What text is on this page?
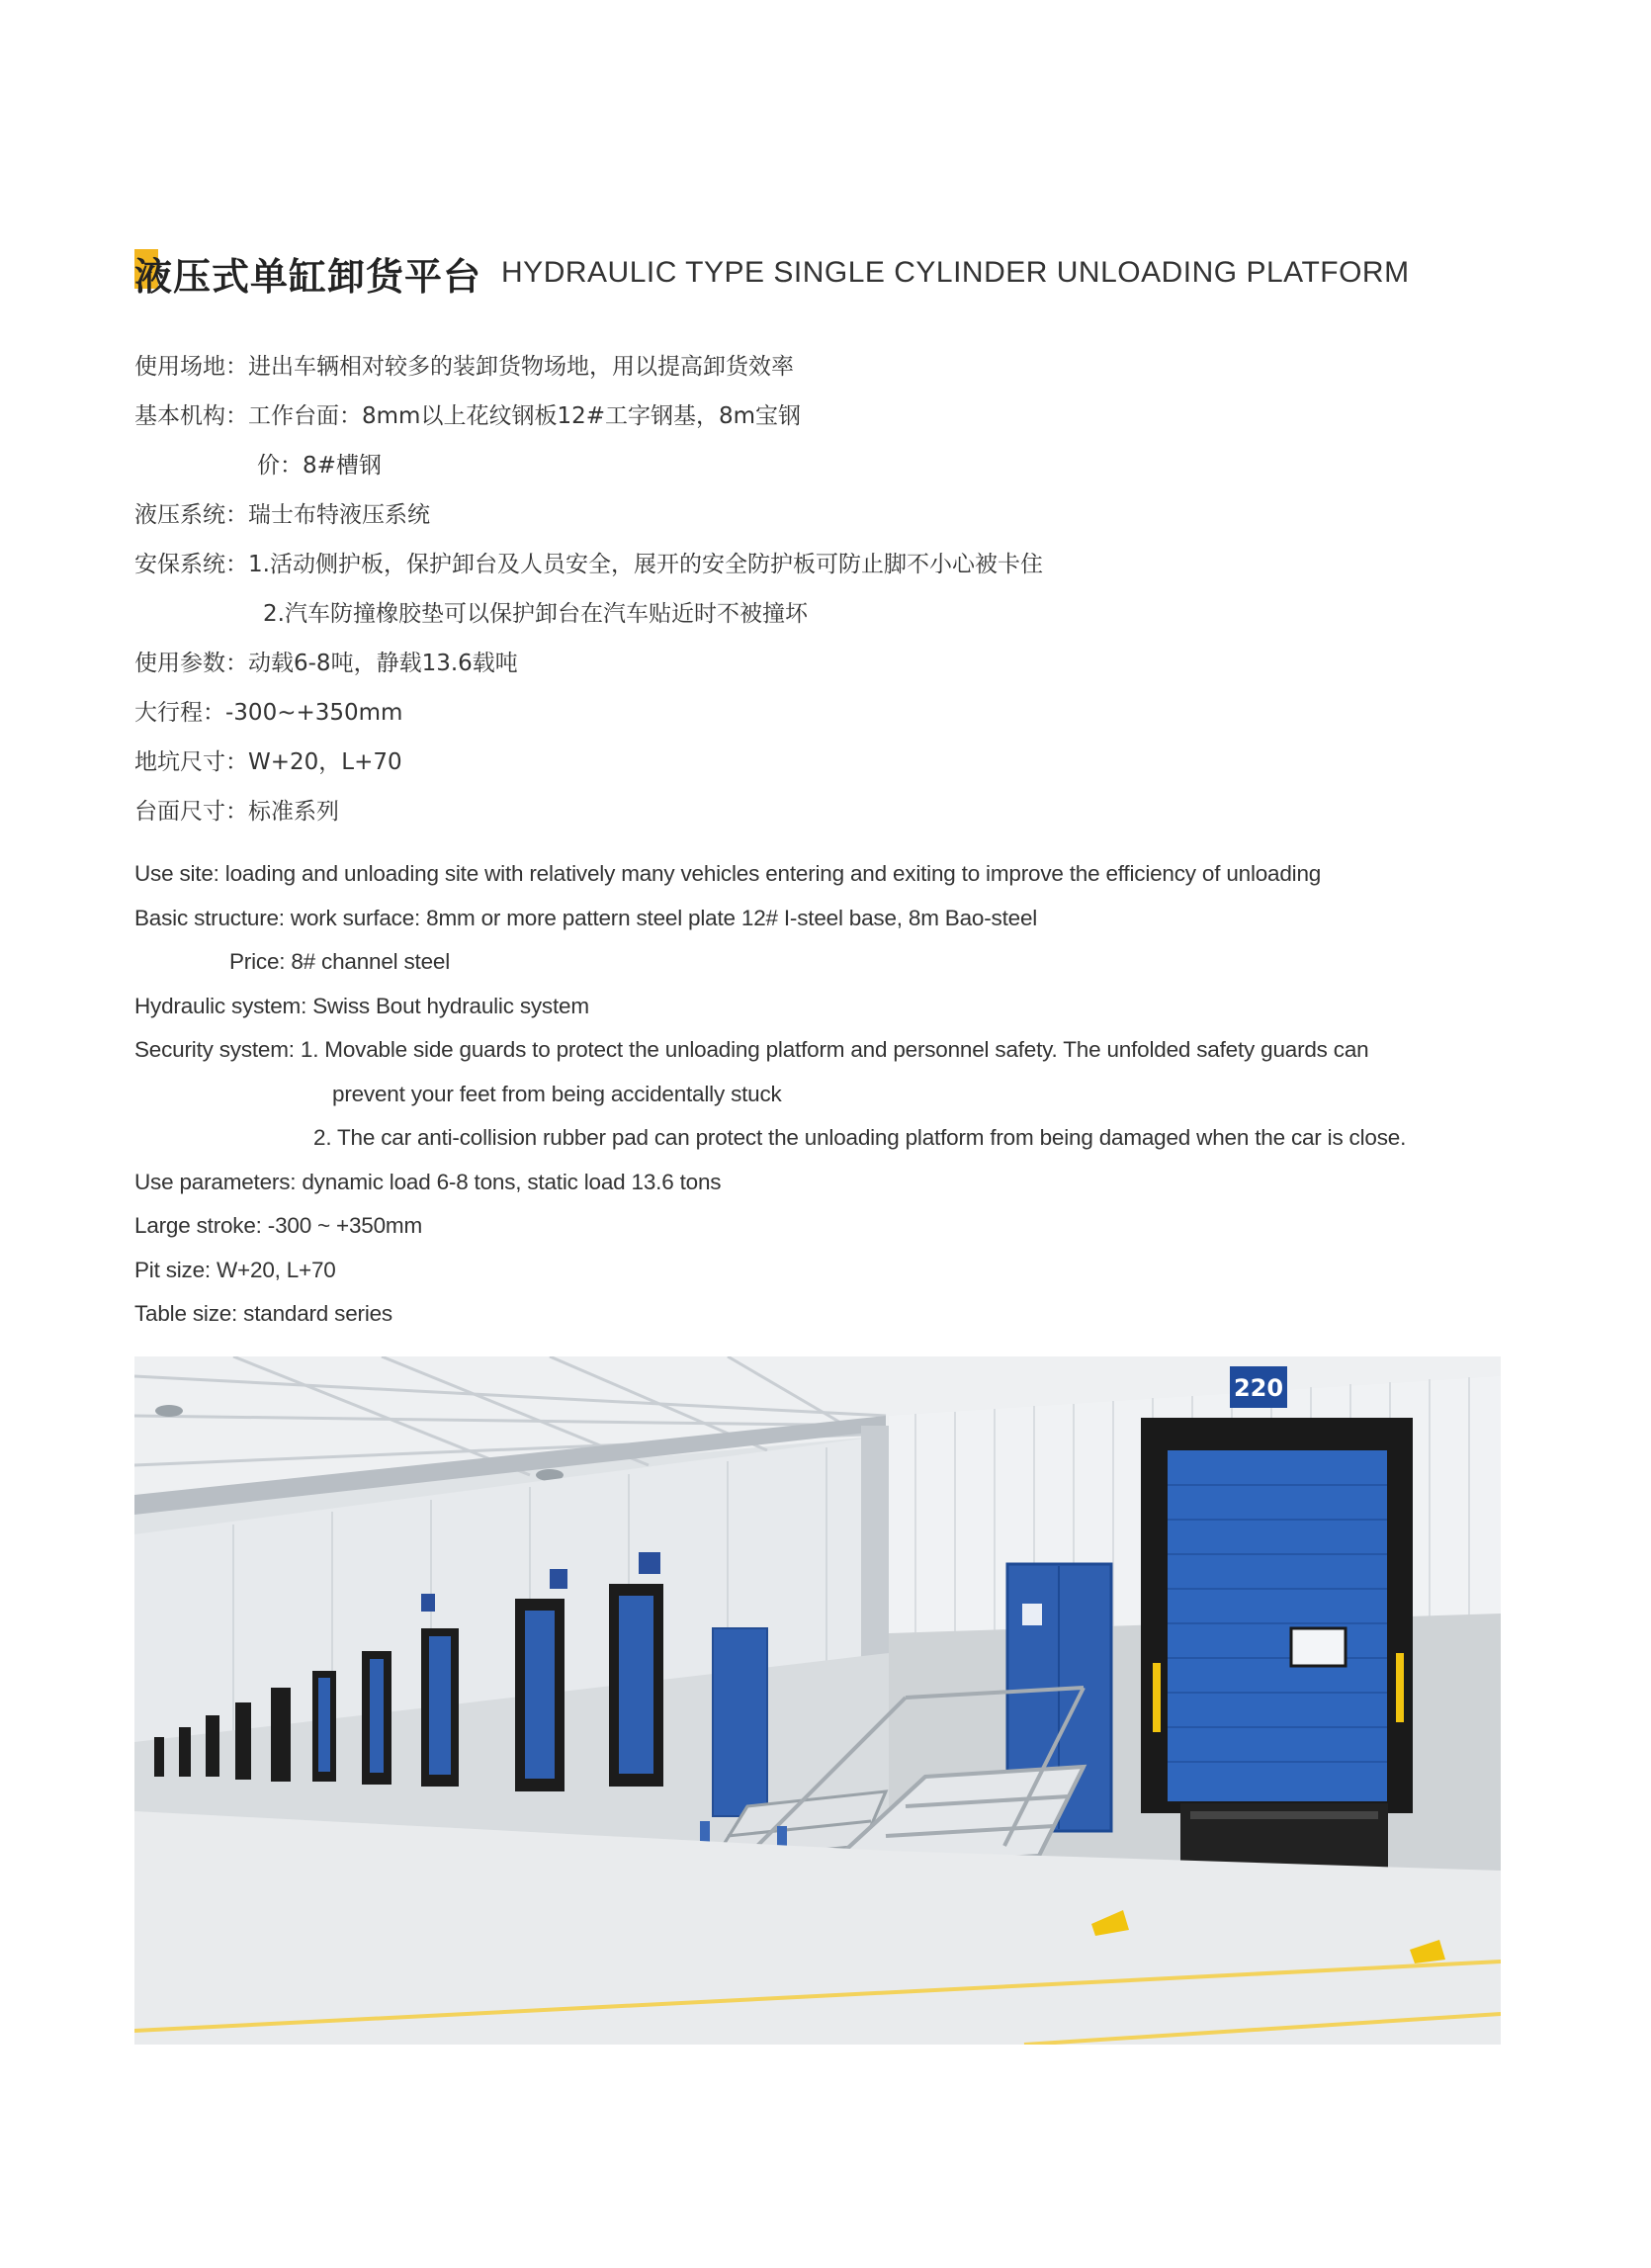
液压式单缸卸货平台 HYDRAULIC TYPE SINGLE CYLINDER UNLOADING PLATFORM
使用场地：进出车辆相对较多的装卸货物场地，用以提高卸货效率
基本机构：工作台面：8mm以上花纹钢板12#工字钢基，8m宝钢
价：8#槽钢
液压系统：瑞士布特液压系统
安保系统：1.活动侧护板，保护卸台及人员安全，展开的安全防护板可防止脚不小心被卡住
2.汽车防撞橡胶垫可以保护卸台在汽车贴近时不被撞坏
使用参数：动载6-8吨，静载13.6载吨
大行程：-300~+350mm
地坑尺寸：W+20，L+70
台面尺寸：标准系列
Use site: loading and unloading site with relatively many vehicles entering and exiting to improve the efficiency of unloading
Basic structure: work surface: 8mm or more pattern steel plate 12# I-steel base, 8m Bao-steel
Price: 8# channel steel
Hydraulic system: Swiss Bout hydraulic system
Security system: 1. Movable side guards to protect the unloading platform and personnel safety. The unfolded safety guards can
prevent your feet from being accidentally stuck
2. The car anti-collision rubber pad can protect the unloading platform from being damaged when the car is close.
Use parameters: dynamic load 6-8 tons, static load 13.6 tons
Large stroke: -300 ~ +350mm
Pit size: W+20, L+70
Table size: standard series
220
